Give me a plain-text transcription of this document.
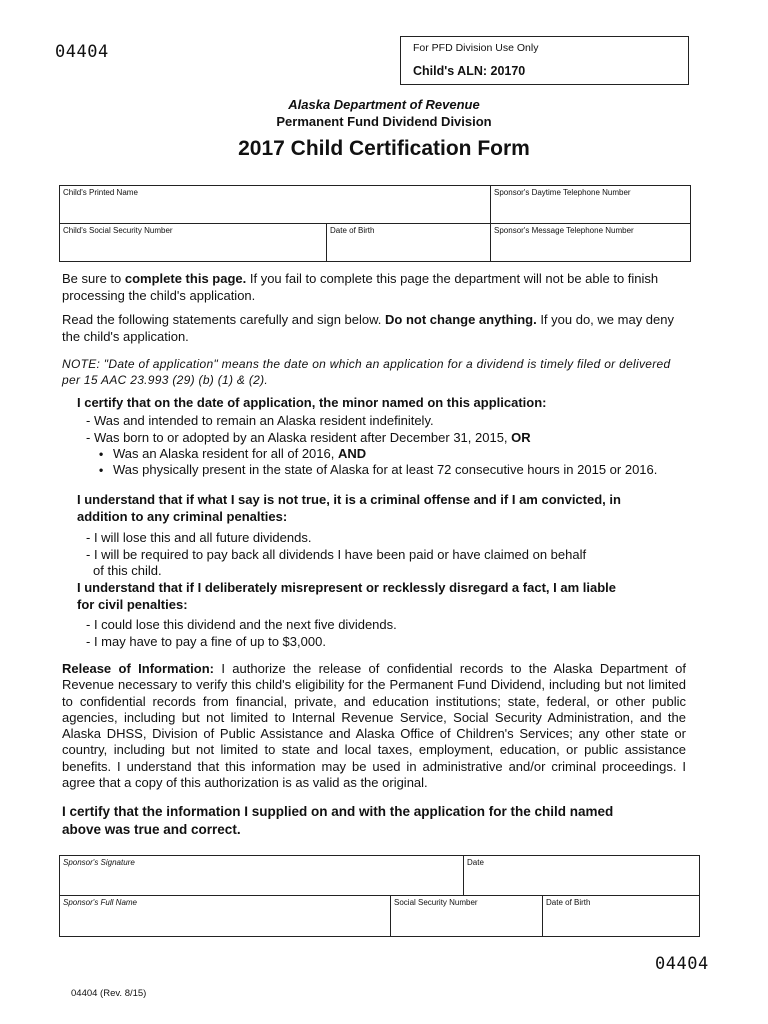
04404	For PFD Division Use Only
Child's ALN: 20170
Alaska Department of Revenue
Permanent Fund Dividend Division
2017 Child Certification Form
Child's Printed Name		Sponsor's Daytime Telephone Number
Child's Social Security Number	Date of Birth	Sponsor's Message Telephone Number
Be sure to complete this page. If you fail to complete this page the department will not be able to finish processing the child's application.
Read the following statements carefully and sign below. Do not change anything. If you do, we may deny the child's application.
NOTE: "Date of application" means the date on which an application for a dividend is timely filed or delivered per 15 AAC 23.993 (29) (b) (1) & (2).
I certify that on the date of application, the minor named on this application:
- Was and intended to remain an Alaska resident indefinitely.
- Was born to or adopted by an Alaska resident after December 31, 2015, OR
• Was an Alaska resident for all of 2016, AND
• Was physically present in the state of Alaska for at least 72 consecutive hours in 2015 or 2016.
I understand that if what I say is not true, it is a criminal offense and if I am convicted, in
addition to any criminal penalties:
- I will lose this and all future dividends.
- I will be required to pay back all dividends I have been paid or have claimed on behalf
of this child.
I understand that if I deliberately misrepresent or recklessly disregard a fact, I am liable
for civil penalties:
- I could lose this dividend and the next five dividends.
- I may have to pay a fine of up to $3,000.
Release of Information: I authorize the release of confidential records to the Alaska Department of Revenue necessary to verify this child's eligibility for the Permanent Fund Dividend, including but not limited to confidential records from financial, private, and education institutions; state, federal, or other public agencies, including but not limited to Internal Revenue Service, Social Security Administration, and the Alaska DHSS, Division of Public Assistance and Alaska Office of Children's Services; any other state or country, including but not limited to state and local taxes, employment, education, or public assistance benefits. I understand that this information may be used in administrative and/or criminal proceedings. I agree that a copy of this authorization is as valid as the original.
I certify that the information I supplied on and with the application for the child named
above was true and correct.
Sponsor's Signature		Date	
Sponsor's Full Name	Social Security Number		Date of Birth
04404
04404 (Rev. 8/15)
